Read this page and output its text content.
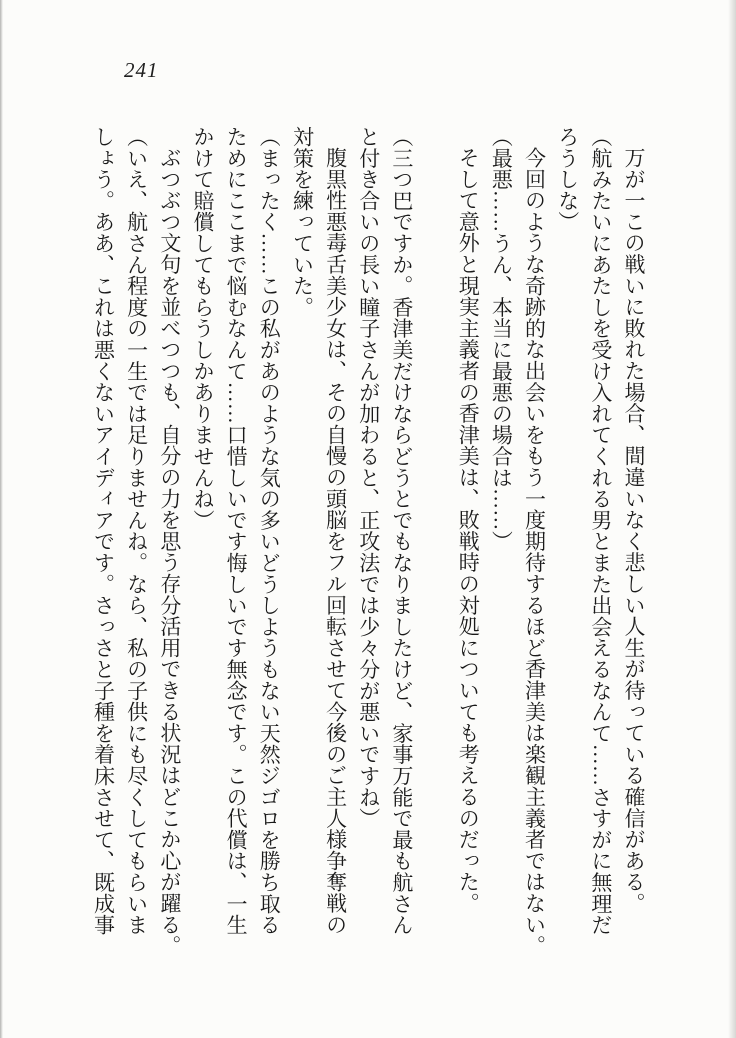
241

万が一この戦いに敗れた場合、間違いなく悲しい人生が待っている確信がある。

（航みたいにあたしを受け入れてくれる男とまた出会えるなんて……さすがに無理だ

ろうしな）

今回のような奇跡的な出会いをもう一度期待するほど香津美は楽観主義者ではない。

（最悪……うん、本当に最悪の場合は……）

そして意外と現実主義者の香津美は、敗戦時の対処についても考えるのだった。

（三つ巴ですか。香津美だけならどうとでもなりましたけど、家事万能で最も航さん

と付き合いの長い瞳子さんが加わると、正攻法では少々分が悪いですね）

腹黒性悪毒舌美少女は、その自慢の頭脳をフル回転させて今後のご主人様争奪戦の

対策を練っていた。

（まったく……この私があのような気の多いどうしようもない天然ジゴロを勝ち取る

ためにここまで悩むなんて……口惜しいです悔しいです無念です。この代償は、一生

かけて賠償してもらうしかありませんね）

ぶつぶつ文句を並べつつも、自分の力を思う存分活用できる状況はどこか心が躍る。

（いえ、航さん程度の一生では足りませんね。なら、私の子供にも尽くしてもらいま

しょう。ああ、これは悪くないアイディアです。さっさと子種を着床させて、既成事
